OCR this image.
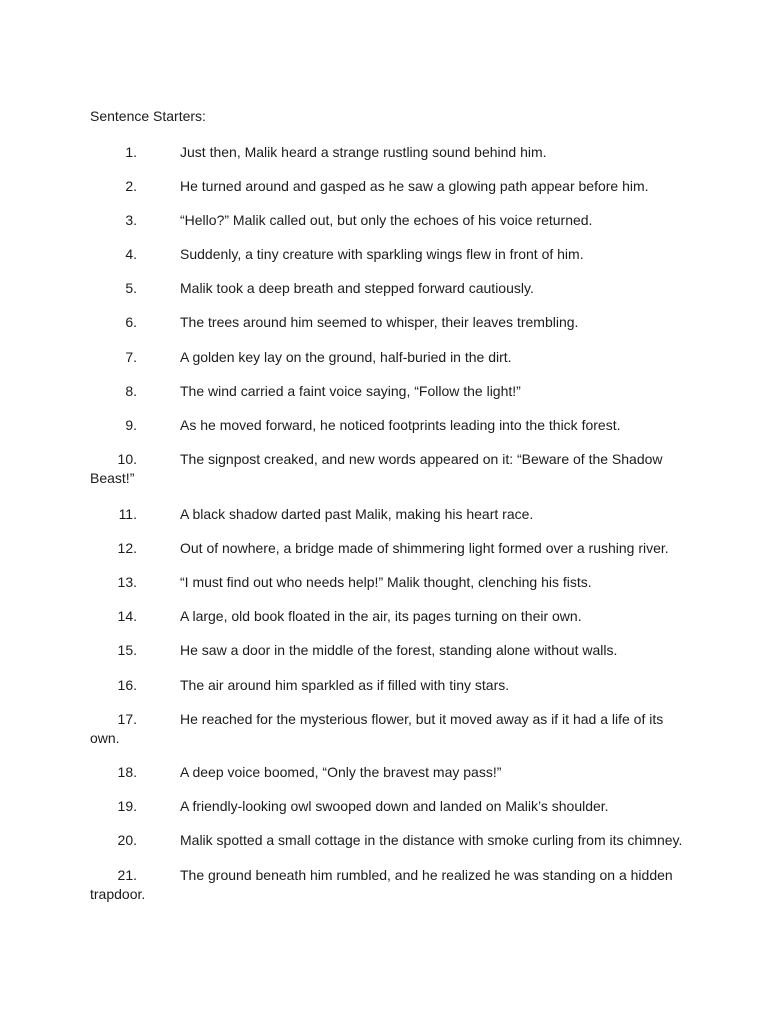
Sentence Starters:
1.	Just then, Malik heard a strange rustling sound behind him.
2.	He turned around and gasped as he saw a glowing path appear before him.
3.	“Hello?” Malik called out, but only the echoes of his voice returned.
4.	Suddenly, a tiny creature with sparkling wings flew in front of him.
5.	Malik took a deep breath and stepped forward cautiously.
6.	The trees around him seemed to whisper, their leaves trembling.
7.	A golden key lay on the ground, half-buried in the dirt.
8.	The wind carried a faint voice saying, “Follow the light!”
9.	As he moved forward, he noticed footprints leading into the thick forest.
10.	The signpost creaked, and new words appeared on it: “Beware of the Shadow
Beast!”
11.	A black shadow darted past Malik, making his heart race.
12.	Out of nowhere, a bridge made of shimmering light formed over a rushing river.
13.	“I must find out who needs help!” Malik thought, clenching his fists.
14.	A large, old book floated in the air, its pages turning on their own.
15.	He saw a door in the middle of the forest, standing alone without walls.
16.	The air around him sparkled as if filled with tiny stars.
17.	He reached for the mysterious flower, but it moved away as if it had a life of its
own.
18.	A deep voice boomed, “Only the bravest may pass!”
19.	A friendly-looking owl swooped down and landed on Malik’s shoulder.
20.	Malik spotted a small cottage in the distance with smoke curling from its chimney.
21.	The ground beneath him rumbled, and he realized he was standing on a hidden
trapdoor.
